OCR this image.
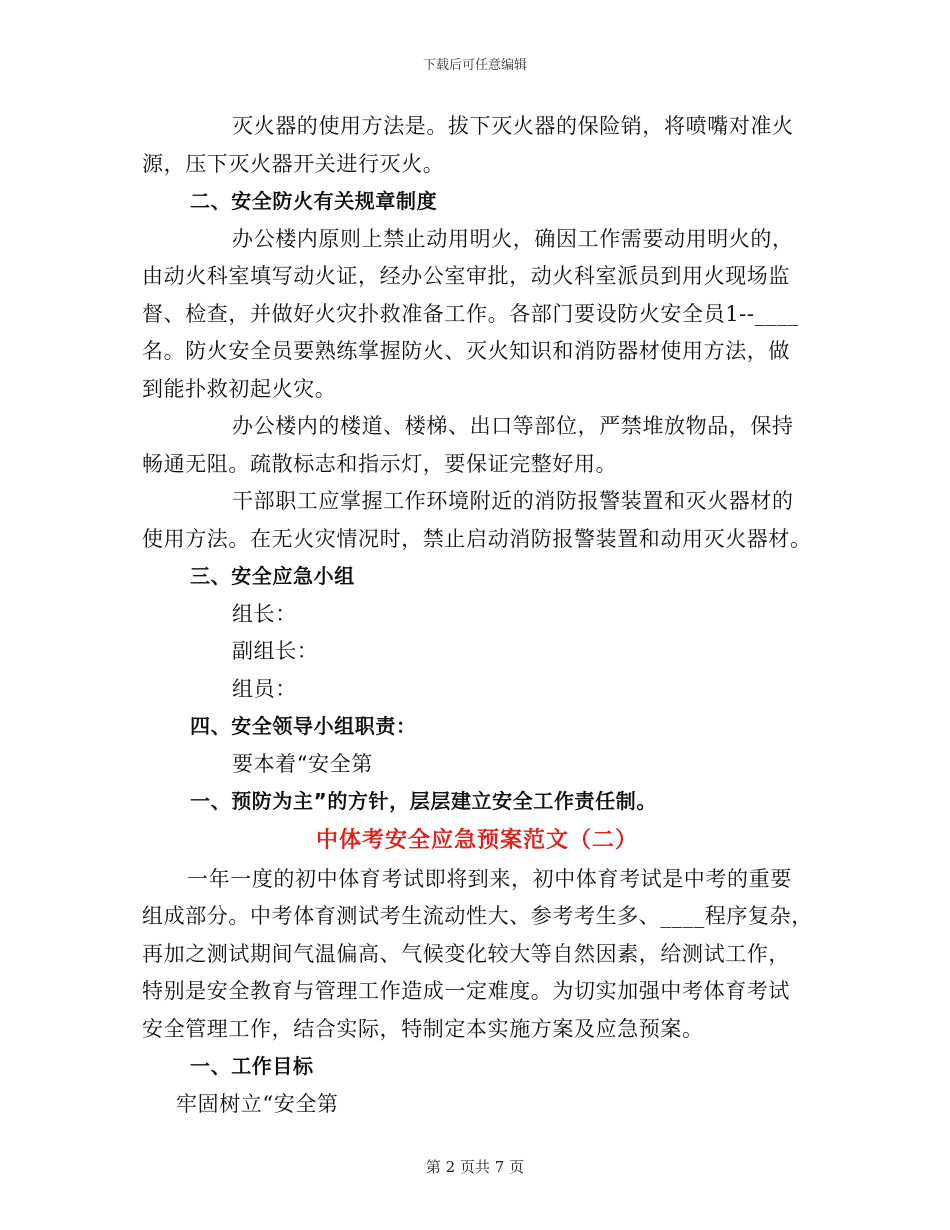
下载后可任意编辑
灭火器的使用方法是。拔下灭火器的保险销，将喷嘴对准火
源，压下灭火器开关进行灭火。
二、安全防火有关规章制度
办公楼内原则上禁止动用明火，确因工作需要动用明火的，
由动火科室填写动火证，经办公室审批，动火科室派员到用火现场监
督、检查，并做好火灾扑救准备工作。各部门要设防火安全员1--____
名。防火安全员要熟练掌握防火、灭火知识和消防器材使用方法，做
到能扑救初起火灾。
办公楼内的楼道、楼梯、出口等部位，严禁堆放物品，保持
畅通无阻。疏散标志和指示灯，要保证完整好用。
干部职工应掌握工作环境附近的消防报警装置和灭火器材的
使用方法。在无火灾情况时，禁止启动消防报警装置和动用灭火器材。
三、安全应急小组
组长：
副组长：
组员：
四、安全领导小组职责：
要本着“安全第
一、预防为主”的方针，层层建立安全工作责任制。
中体考安全应急预案范文（二）
一年一度的初中体育考试即将到来，初中体育考试是中考的重要
组成部分。中考体育测试考生流动性大、参考考生多、____程序复杂，
再加之测试期间气温偏高、气候变化较大等自然因素，给测试工作，
特别是安全教育与管理工作造成一定难度。为切实加强中考体育考试
安全管理工作，结合实际，特制定本实施方案及应急预案。
一、工作目标
牢固树立“安全第
第 2 页共 7 页
